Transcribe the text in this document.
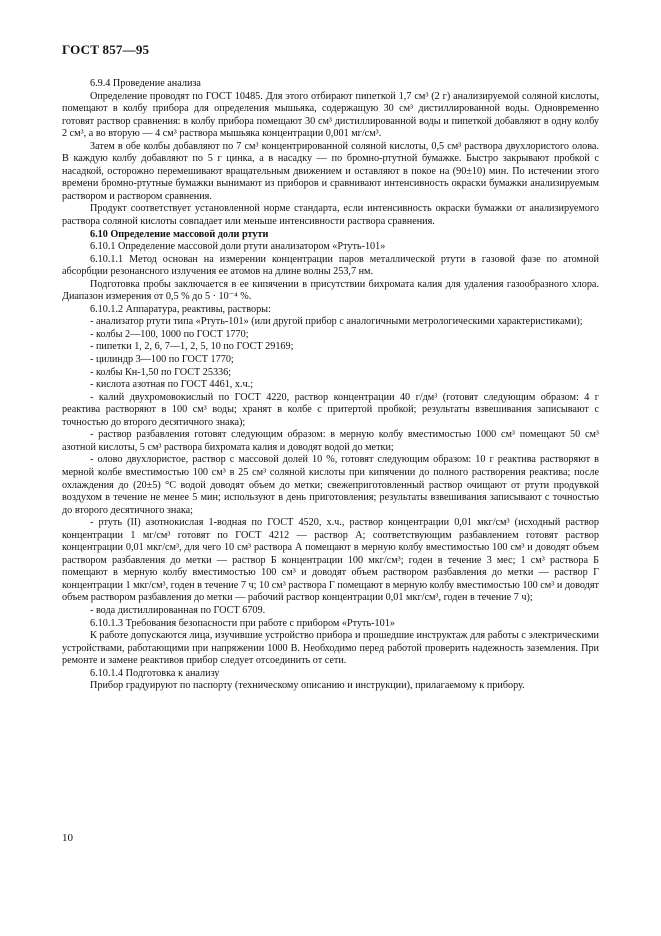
ГОСТ 857—95

6.9.4 Проведение анализа

Определение проводят по ГОСТ 10485. Для этого отбирают пипеткой 1,7 см³ (2 г) анализируемой соляной кислоты, помещают в колбу прибора для определения мышьяка, содержащую 30 см³ дистиллированной воды. Одновременно готовят раствор сравнения: в колбу прибора помещают 30 см³ дистиллированной воды и пипеткой добавляют в одну колбу 2 см³, а во вторую — 4 см³ раствора мышьяка концентрации 0,001 мг/см³.

Затем в обе колбы добавляют по 7 см³ концентрированной соляной кислоты, 0,5 см³ раствора двухлористого олова. В каждую колбу добавляют по 5 г цинка, а в насадку — по бромно-ртутной бумажке. Быстро закрывают пробкой с насадкой, осторожно перемешивают вращательным движением и оставляют в покое на (90±10) мин. По истечении этого времени бромно-ртутные бумажки вынимают из приборов и сравнивают интенсивность окраски бумажки анализируемым раствором и раствором сравнения.

Продукт соответствует установленной норме стандарта, если интенсивность окраски бумажки от анализируемого раствора соляной кислоты совпадает или меньше интенсивности раствора сравнения.

6.10 Определение массовой доли ртути

6.10.1 Определение массовой доли ртути анализатором «Ртуть-101»

6.10.1.1 Метод основан на измерении концентрации паров металлической ртути в газовой фазе по атомной абсорбции резонансного излучения ее атомов на длине волны 253,7 нм.

Подготовка пробы заключается в ее кипячении в присутствии бихромата калия для удаления газообразного хлора. Диапазон измерения от 0,5 % до 5 · 10⁻⁴ %.

6.10.1.2 Аппаратура, реактивы, растворы:

- анализатор ртути типа «Ртуть-101» (или другой прибор с аналогичными метрологическими характеристиками);

- колбы 2—100, 1000 по ГОСТ 1770;

- пипетки 1, 2, 6, 7—1, 2, 5, 10 по ГОСТ 29169;

- цилиндр 3—100 по ГОСТ 1770;

- колбы Кн-1,50 по ГОСТ 25336;

- кислота азотная по ГОСТ 4461, х.ч.;

- калий двухромовокислый по ГОСТ 4220, раствор концентрации 40 г/дм³ (готовят следующим образом: 4 г реактива растворяют в 100 см³ воды; хранят в колбе с притертой пробкой; результаты взвешивания записывают с точностью до второго десятичного знака);

- раствор разбавления готовят следующим образом: в мерную колбу вместимостью 1000 см³ помещают 50 см³ азотной кислоты, 5 см³ раствора бихромата калия и доводят водой до метки;

- олово двухлористое, раствор с массовой долей 10 %, готовят следующим образом: 10 г реактива растворяют в мерной колбе вместимостью 100 см³ в 25 см³ соляной кислоты при кипячении до полного растворения реактива; после охлаждения до (20±5) °С водой доводят объем до метки; свежеприготовленный раствор очищают от ртути продувкой воздухом в течение не менее 5 мин; используют в день приготовления; результаты взвешивания записывают с точностью до второго десятичного знака;

- ртуть (II) азотнокислая 1-водная по ГОСТ 4520, х.ч., раствор концентрации 0,01 мкг/см³ (исходный раствор концентрации 1 мг/см³ готовят по ГОСТ 4212 — раствор А; соответствующим разбавлением готовят раствор концентрации 0,01 мкг/см³, для чего 10 см³ раствора А помещают в мерную колбу вместимостью 100 см³ и доводят объем раствором разбавления до метки — раствор Б концентрации 100 мкг/см³; годен в течение 3 мес; 1 см³ раствора Б помещают в мерную колбу вместимостью 100 см³ и доводят объем раствором разбавления до метки — раствор Г концентрации 1 мкг/см³, годен в течение 7 ч; 10 см³ раствора Г помещают в мерную колбу вместимостью 100 см³ и доводят объем раствором разбавления до метки — рабочий раствор концентрации 0,01 мкг/см³, годен в течение 7 ч);

- вода дистиллированная по ГОСТ 6709.

6.10.1.3 Требования безопасности при работе с прибором «Ртуть-101»

К работе допускаются лица, изучившие устройство прибора и прошедшие инструктаж для работы с электрическими устройствами, работающими при напряжении 1000 В. Необходимо перед работой проверить надежность заземления. При ремонте и замене реактивов прибор следует отсоединить от сети.

6.10.1.4 Подготовка к анализу

Прибор градуируют по паспорту (техническому описанию и инструкции), прилагаемому к прибору.

10
